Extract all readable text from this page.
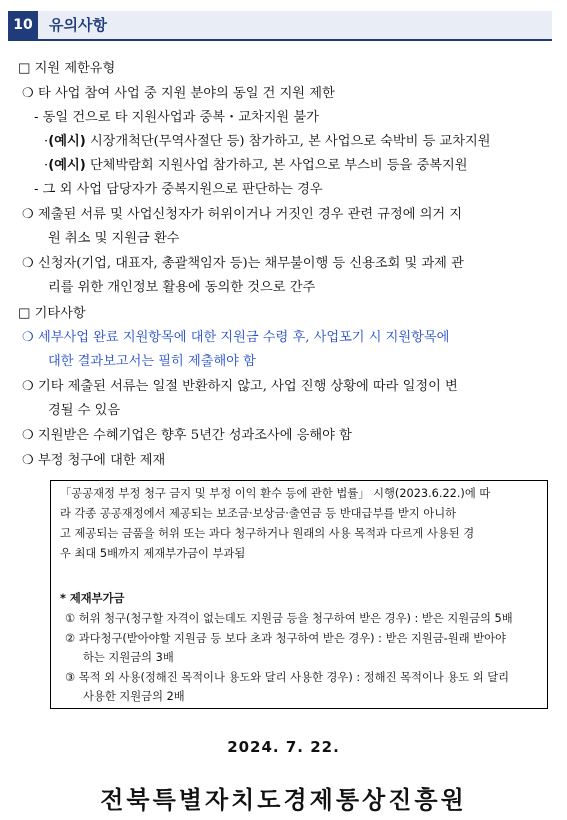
10	유의사항
□ 지원 제한유형
❍ 타 사업 참여 사업 중 지원 분야의 동일 건 지원 제한
- 동일 건으로 타 지원사업과 중복・교차지원 불가
·(예시) 시장개척단(무역사절단 등) 참가하고, 본 사업으로 숙박비 등 교차지원
·(예시) 단체박람회 지원사업 참가하고, 본 사업으로 부스비 등을 중복지원
- 그 외 사업 담당자가 중복지원으로 판단하는 경우
❍ 제출된 서류 및 사업신청자가 허위이거나 거짓인 경우 관련 규정에 의거 지
원 취소 및 지원금 환수
❍ 신청자(기업, 대표자, 총괄책임자 등)는 채무불이행 등 신용조회 및 과제 관
리를 위한 개인정보 활용에 동의한 것으로 간주
□ 기타사항
❍ 세부사업 완료 지원항목에 대한 지원금 수령 후, 사업포기 시 지원항목에
대한 결과보고서는 필히 제출해야 함
❍ 기타 제출된 서류는 일절 반환하지 않고, 사업 진행 상황에 따라 일정이 변
경될 수 있음
❍ 지원받은 수혜기업은 향후 5년간 성과조사에 응해야 함
❍ 부정 청구에 대한 제재
「공공재정 부정 청구 금지 및 부정 이익 환수 등에 관한 법률」 시행(2023.6.22.)에 따
라 각종 공공재정에서 제공되는 보조금·보상금·출연금 등 반대급부를 받지 아니하
고 제공되는 금품을 허위 또는 과다 청구하거나 원래의 사용 목적과 다르게 사용된 경
우 최대 5배까지 제재부가금이 부과됨
* 제재부가금
① 허위 청구(청구할 자격이 없는데도 지원금 등을 청구하여 받은 경우) : 받은 지원금의 5배
② 과다청구(받아야할 지원금 등 보다 초과 청구하여 받은 경우) : 받은 지원금-원래 받아야
하는 지원금의 3배
③ 목적 외 사용(정해진 목적이나 용도와 달리 사용한 경우) : 정해진 목적이나 용도 외 달리
사용한 지원금의 2배
2024. 7. 22.
전북특별자치도경제통상진흥원
